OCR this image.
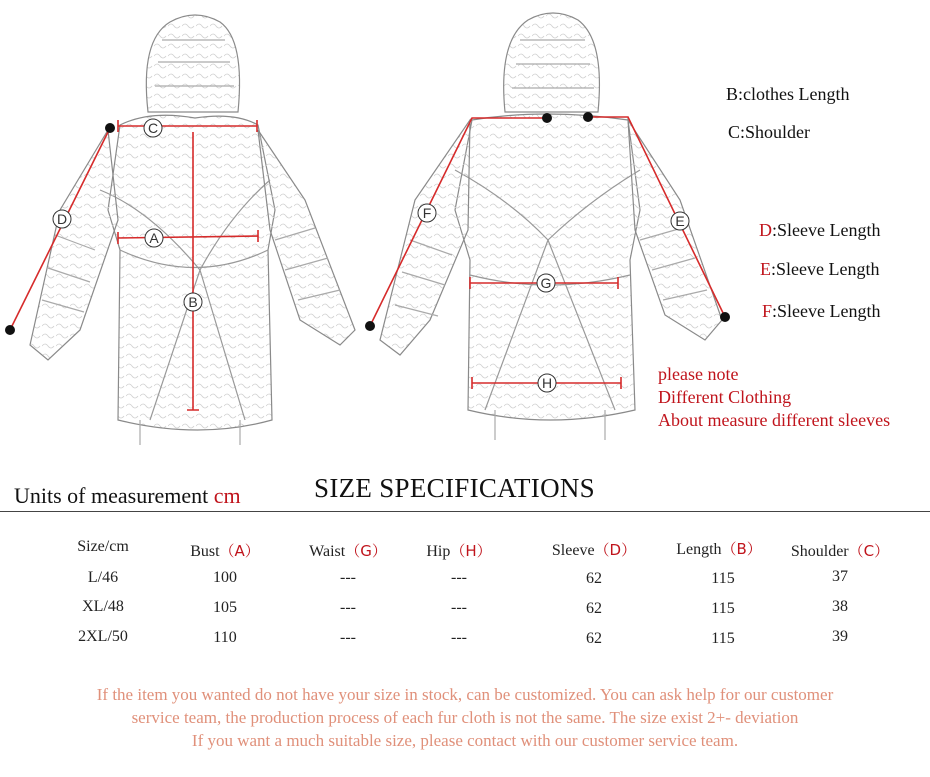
C
D
A
B
F	E
G
H
B:clothes Length
C:Shoulder
D:Sleeve Length
E:Sleeve Length
F:Sleeve Length
please note
Different Clothing
About measure different sleeves
Units of measurement cm	SIZE SPECIFICATIONS
Size/cm	Bust（A）	Waist（G）	Hip（H）	Sleeve（D）	Length（B）	Shoulder（C）
L/46	100	---	---	62	115	37
XL/48	105	---	---	62	115	38
2XL/50	110	---	---	62	115	39
If the item you wanted do not have your size in stock, can be customized. You can ask help for our customer
service team, the production process of each fur cloth is not the same. The size exist 2+- deviation
If you want a much suitable size, please contact with our customer service team.
